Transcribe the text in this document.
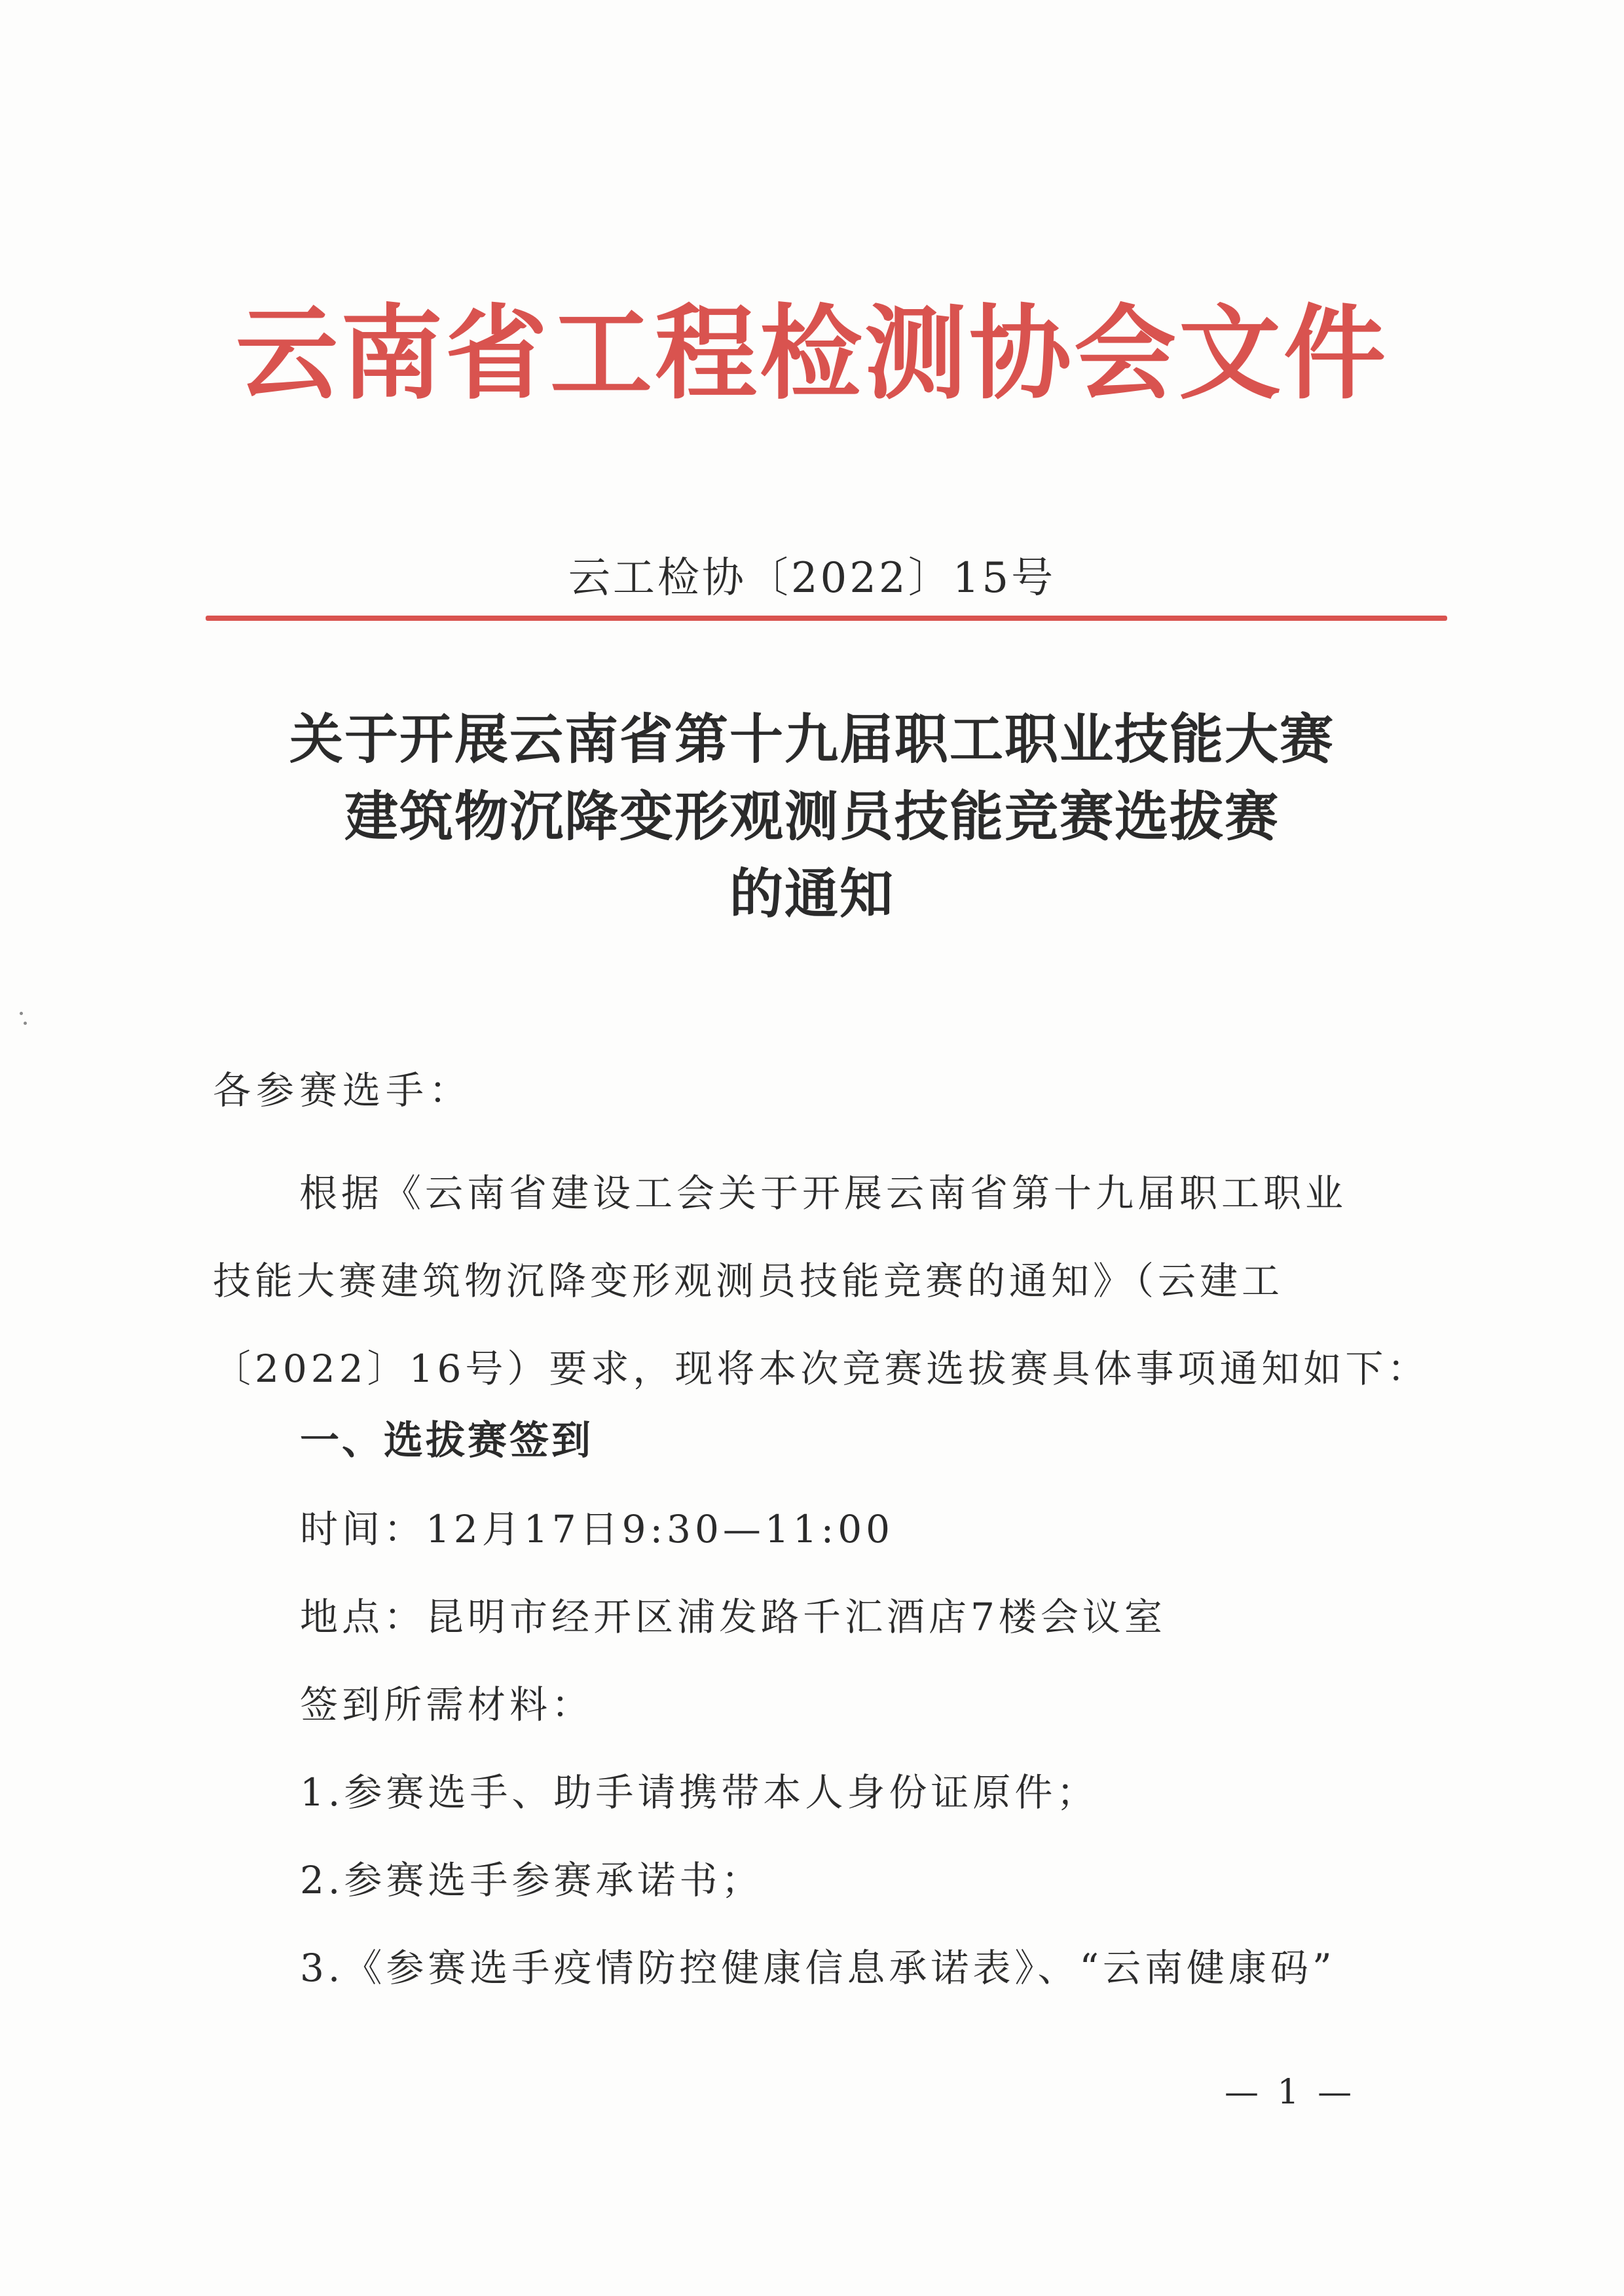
云南省工程检测协会文件
云工检协〔2022〕15号
关于开展云南省第十九届职工职业技能大赛
建筑物沉降变形观测员技能竞赛选拔赛
的通知
各参赛选手：
根据《云南省建设工会关于开展云南省第十九届职工职业
技能大赛建筑物沉降变形观测员技能竞赛的通知》（云建工
〔2022〕16号）要求，现将本次竞赛选拔赛具体事项通知如下：
一、选拔赛签到
时间：12月17日9:30—11:00
地点：昆明市经开区浦发路千汇酒店7楼会议室
签到所需材料：
1.参赛选手、助手请携带本人身份证原件；
2.参赛选手参赛承诺书；
3.《参赛选手疫情防控健康信息承诺表》、“云南健康码”
— 1 —
